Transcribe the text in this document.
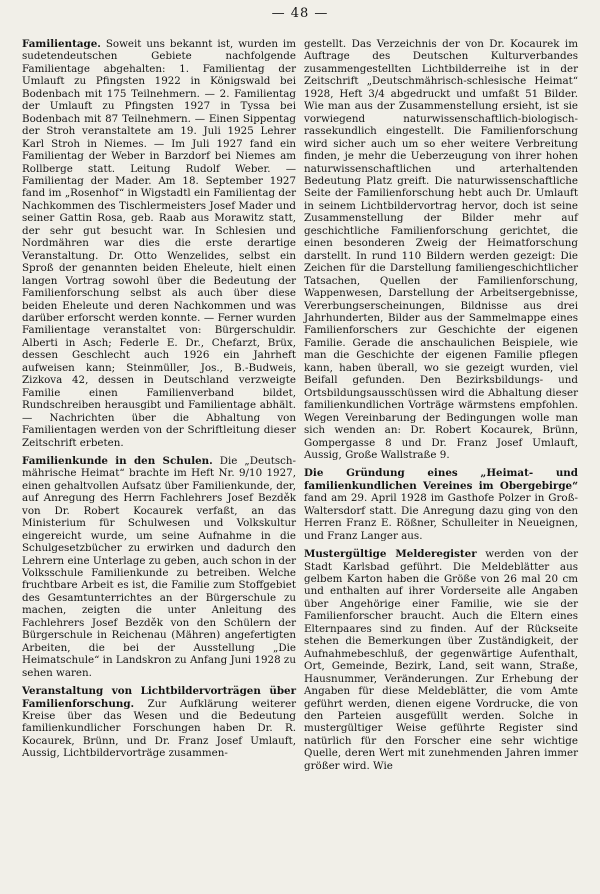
— 48 —

Familientage. Soweit uns bekannt ist, wurden im sudetendeutschen Gebiete nachfolgende Familientage abgehalten: 1. Familientag der Umlauft zu Pfingsten 1922 in Königswald bei Bodenbach mit 175 Teilnehmern. — 2. Familientag der Umlauft zu Pfingsten 1927 in Tyssa bei Bodenbach mit 87 Teilnehmern. — Einen Sippentag der Stroh veranstaltete am 19. Juli 1925 Lehrer Karl Stroh in Niemes. — Im Juli 1927 fand ein Familientag der Weber in Barzdorf bei Niemes am Rollberge statt. Leitung Rudolf Weber. — Familientag der Mader. Am 18. September 1927 fand im „Rosenhof“ in Wigstadtl ein Familientag der Nachkommen des Tischlermeisters Josef Mader und seiner Gattin Rosa, geb. Raab aus Morawitz statt, der sehr gut besucht war. In Schlesien und Nordmähren war dies die erste derartige Veranstaltung. Dr. Otto Wenzelides, selbst ein Sproß der genannten beiden Eheleute, hielt einen langen Vortrag sowohl über die Bedeutung der Familienforschung selbst als auch über diese beiden Eheleute und deren Nachkommen und was darüber erforscht werden konnte. — Ferner wurden Familientage veranstaltet von: Bürgerschuldir. Alberti in Asch; Federle E. Dr., Chefarzt, Brüx, dessen Geschlecht auch 1926 ein Jahrheft aufweisen kann; Steinmüller, Jos., B.-Budweis, Zizkova 42, dessen in Deutschland verzweigte Familie einen Familienverband bildet, Rundschreiben herausgibt und Familientage abhält. — Nachrichten über die Abhaltung von Familientagen werden von der Schriftleitung dieser Zeitschrift erbeten.

Familienkunde in den Schulen. Die „Deutsch-mährische Heimat“ brachte im Heft Nr. 9/10 1927, einen gehaltvollen Aufsatz über Familienkunde, der, auf Anregung des Herrn Fachlehrers Josef Bezděk von Dr. Robert Kocaurek verfaßt, an das Ministerium für Schulwesen und Volkskultur eingereicht wurde, um seine Aufnahme in die Schulgesetzbücher zu erwirken und dadurch den Lehrern eine Unterlage zu geben, auch schon in der Volksschule Familienkunde zu betreiben. Welche fruchtbare Arbeit es ist, die Familie zum Stoffgebiet des Gesamtunterrichtes an der Bürgerschule zu machen, zeigten die unter Anleitung des Fachlehrers Josef Bezděk von den Schülern der Bürgerschule in Reichenau (Mähren) angefertigten Arbeiten, die bei der Ausstellung „Die Heimatschule“ in Landskron zu Anfang Juni 1928 zu sehen waren.

Veranstaltung von Lichtbildervorträgen über Familienforschung. Zur Aufklärung weiterer Kreise über das Wesen und die Bedeutung familienkundlicher Forschungen haben Dr. R. Kocaurek, Brünn, und Dr. Franz Josef Umlauft, Aussig, Lichtbildervorträge zusammen-

gestellt. Das Verzeichnis der von Dr. Kocaurek im Auftrage des Deutschen Kulturverbandes zusammengestellten Lichtbilderreihe ist in der Zeitschrift „Deutschmährisch-schlesische Heimat“ 1928, Heft 3/4 abgedruckt und umfaßt 51 Bilder. Wie man aus der Zusammenstellung ersieht, ist sie vorwiegend naturwissenschaftlich-biologisch-rassekundlich eingestellt. Die Familienforschung wird sicher auch um so eher weitere Verbreitung finden, je mehr die Ueberzeugung von ihrer hohen naturwissenschaftlichen und arterhaltenden Bedeutung Platz greift. Die naturwissenschaftliche Seite der Familienforschung hebt auch Dr. Umlauft in seinem Lichtbildervortrag hervor, doch ist seine Zusammenstellung der Bilder mehr auf geschichtliche Familienforschung gerichtet, die einen besonderen Zweig der Heimatforschung darstellt. In rund 110 Bildern werden gezeigt: Die Zeichen für die Darstellung familiengeschichtlicher Tatsachen, Quellen der Familienforschung, Wappenwesen, Darstellung der Arbeitsergebnisse, Vererbungserscheinungen, Bildnisse aus drei Jahrhunderten, Bilder aus der Sammelmappe eines Familienforschers zur Geschichte der eigenen Familie. Gerade die anschaulichen Beispiele, wie man die Geschichte der eigenen Familie pflegen kann, haben überall, wo sie gezeigt wurden, viel Beifall gefunden. Den Bezirksbildungs- und Ortsbildungsausschüssen wird die Abhaltung dieser familienkundlichen Vorträge wärmstens empfohlen. Wegen Vereinbarung der Bedingungen wolle man sich wenden an: Dr. Robert Kocaurek, Brünn, Gompergasse 8 und Dr. Franz Josef Umlauft, Aussig, Große Wallstraße 9.

Die Gründung eines „Heimat- und familienkundlichen Vereines im Obergebirge“ fand am 29. April 1928 im Gasthofe Polzer in Groß-Waltersdorf statt. Die Anregung dazu ging von den Herren Franz E. Rößner, Schulleiter in Neueignen, und Franz Langer aus.

Mustergültige Melderegister werden von der Stadt Karlsbad geführt. Die Meldeblätter aus gelbem Karton haben die Größe von 26 mal 20 cm und enthalten auf ihrer Vorderseite alle Angaben über Angehörige einer Familie, wie sie der Familienforscher braucht. Auch die Eltern eines Elternpaares sind zu finden. Auf der Rückseite stehen die Bemerkungen über Zuständigkeit, der Aufnahmebeschluß, der gegenwärtige Aufenthalt, Ort, Gemeinde, Bezirk, Land, seit wann, Straße, Hausnummer, Veränderungen. Zur Erhebung der Angaben für diese Meldeblätter, die vom Amte geführt werden, dienen eigene Vordrucke, die von den Parteien ausgefüllt werden. Solche in mustergültiger Weise geführte Register sind natürlich für den Forscher eine sehr wichtige Quelle, deren Wert mit zunehmenden Jahren immer größer wird. Wie
